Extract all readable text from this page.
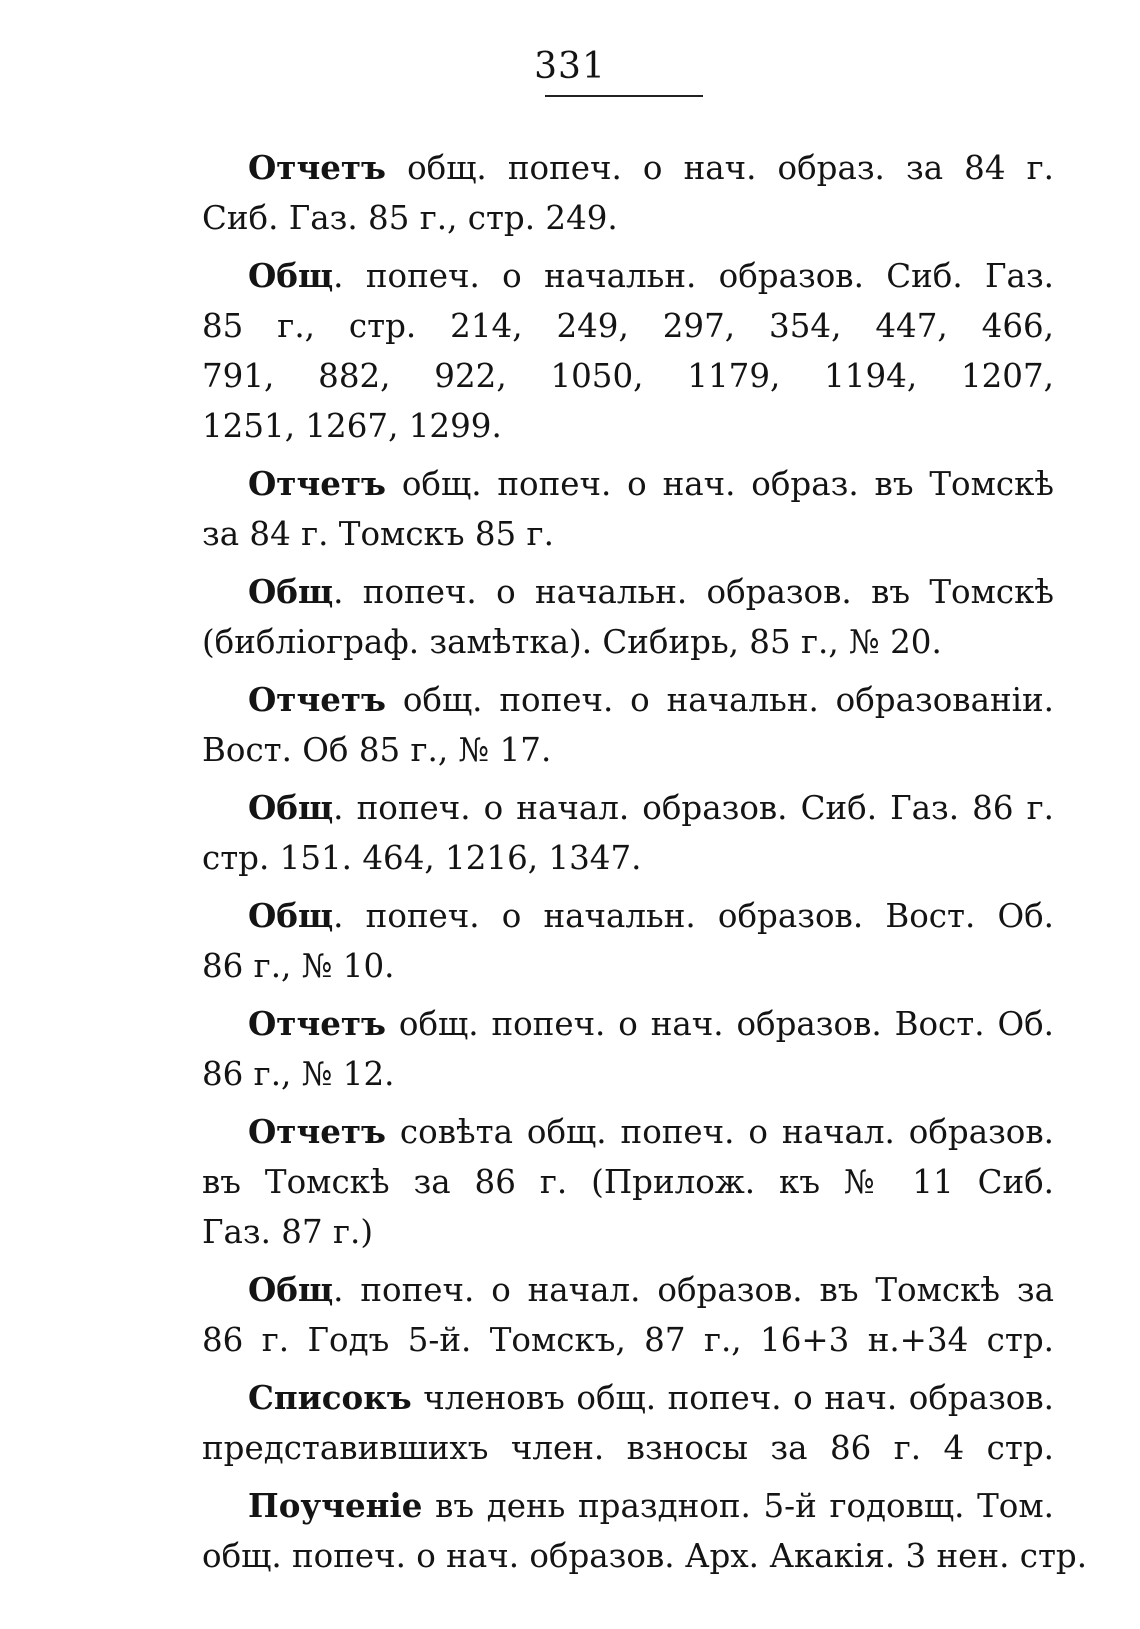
331
Отчетъ общ. попеч. о нач. образ. за 84 г.
Сиб. Газ. 85 г., стр. 249.
Общ. попеч. о начальн. образов. Сиб. Газ.
85 г., стр. 214, 249, 297, 354, 447, 466,
791, 882, 922, 1050, 1179, 1194, 1207,
1251, 1267, 1299.
Отчетъ общ. попеч. о нач. образ. въ Томскѣ
за 84 г. Томскъ 85 г.
Общ. попеч. о начальн. образов. въ Томскѣ
(библіограф. замѣтка). Сибирь, 85 г., № 20.
Отчетъ общ. попеч. о начальн. образованіи.
Вост. Об 85 г., № 17.
Общ. попеч. о начал. образов. Сиб. Газ. 86 г.
стр. 151. 464, 1216, 1347.
Общ. попеч. о начальн. образов. Вост. Об.
86 г., № 10.
Отчетъ общ. попеч. о нач. образов. Вост. Об.
86 г., № 12.
Отчетъ совѣта общ. попеч. о начал. образов.
въ Томскѣ за 86 г. (Прилож. къ № 11 Сиб.
Газ. 87 г.)
Общ. попеч. о начал. образов. въ Томскѣ за
86 г. Годъ 5-й. Томскъ, 87 г., 16+3 н.+34 стр.
Списокъ членовъ общ. попеч. о нач. образов.
представившихъ член. взносы за 86 г. 4 стр.
Поученіе въ день праздноп. 5-й годовщ. Том.
общ. попеч. о нач. образов. Арх. Акакія. 3 нен. стр.
